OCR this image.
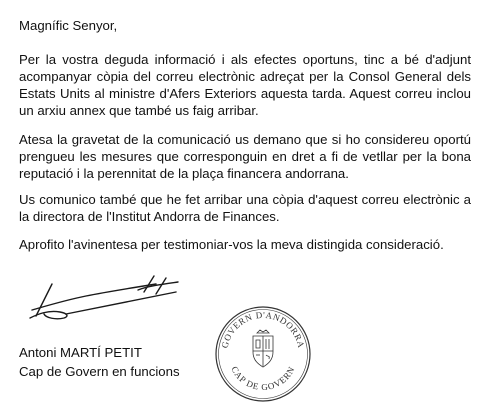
Magnífic Senyor,

Per la vostra deguda informació i als efectes oportuns, tinc a bé d'adjunt acompanyar còpia del correu electrònic adreçat per la Consol General dels Estats Units al ministre d'Afers Exteriors aquesta tarda. Aquest correu inclou un arxiu annex que també us faig arribar.

Atesa la gravetat de la comunicació us demano que si ho considereu oportú prengueu les mesures que corresponguin en dret a fi de vetllar per la bona reputació i la perennitat de la plaça financera andorrana.

Us comunico també que he fet arribar una còpia d'aquest correu electrònic a la directora de l'Institut Andorra de Finances.

Aprofito l'avinentesa per testimoniar-vos la meva distingida consideració.

Antoni MARTÍ PETIT

Cap de Govern en funcions

GOVERN D'ANDORRA
CAP DE GOVERN
